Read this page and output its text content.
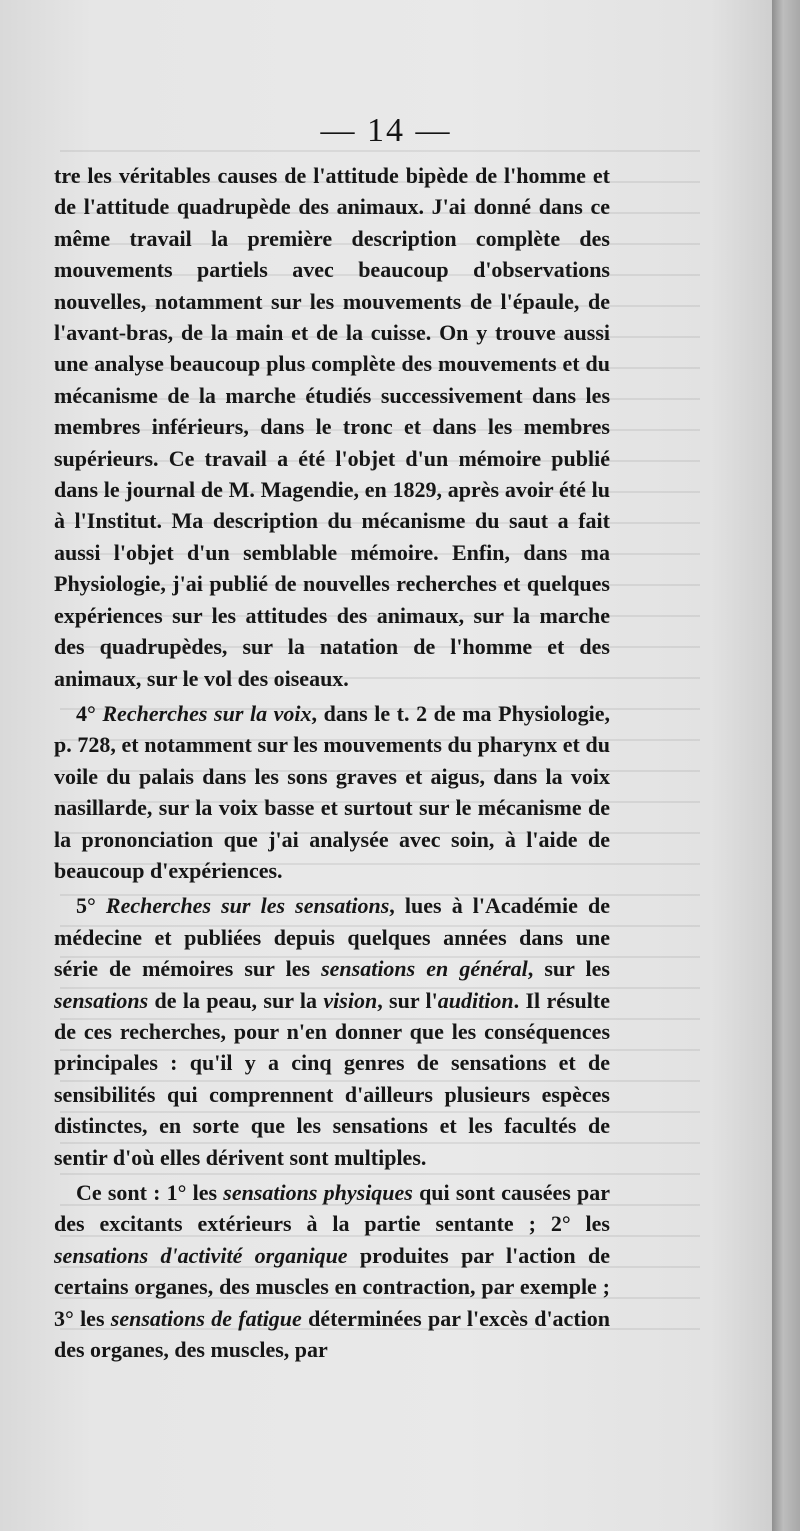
— 14 —

tre les véritables causes de l'attitude bipède de l'homme et de l'attitude quadrupède des animaux. J'ai donné dans ce même travail la première description complète des mouvements partiels avec beaucoup d'observations nouvelles, notamment sur les mouvements de l'épaule, de l'avant-bras, de la main et de la cuisse. On y trouve aussi une analyse beaucoup plus complète des mouvements et du mécanisme de la marche étudiés successivement dans les membres inférieurs, dans le tronc et dans les membres supérieurs. Ce travail a été l'objet d'un mémoire publié dans le journal de M. Magendie, en 1829, après avoir été lu à l'Institut. Ma description du mécanisme du saut a fait aussi l'objet d'un semblable mémoire. Enfin, dans ma Physiologie, j'ai publié de nouvelles recherches et quelques expériences sur les attitudes des animaux, sur la marche des quadrupèdes, sur la natation de l'homme et des animaux, sur le vol des oiseaux.

4° Recherches sur la voix, dans le t. 2 de ma Physiologie, p. 728, et notamment sur les mouvements du pharynx et du voile du palais dans les sons graves et aigus, dans la voix nasillarde, sur la voix basse et surtout sur le mécanisme de la prononciation que j'ai analysée avec soin, à l'aide de beaucoup d'expériences.

5° Recherches sur les sensations, lues à l'Académie de médecine et publiées depuis quelques années dans une série de mémoires sur les sensations en général, sur les sensations de la peau, sur la vision, sur l'audition. Il résulte de ces recherches, pour n'en donner que les conséquences principales : qu'il y a cinq genres de sensations et de sensibilités qui comprennent d'ailleurs plusieurs espèces distinctes, en sorte que les sensations et les facultés de sentir d'où elles dérivent sont multiples.

Ce sont : 1° les sensations physiques qui sont causées par des excitants extérieurs à la partie sentante ; 2° les sensations d'activité organique produites par l'action de certains organes, des muscles en contraction, par exemple ; 3° les sensations de fatigue déterminées par l'excès d'action des organes, des muscles, par
